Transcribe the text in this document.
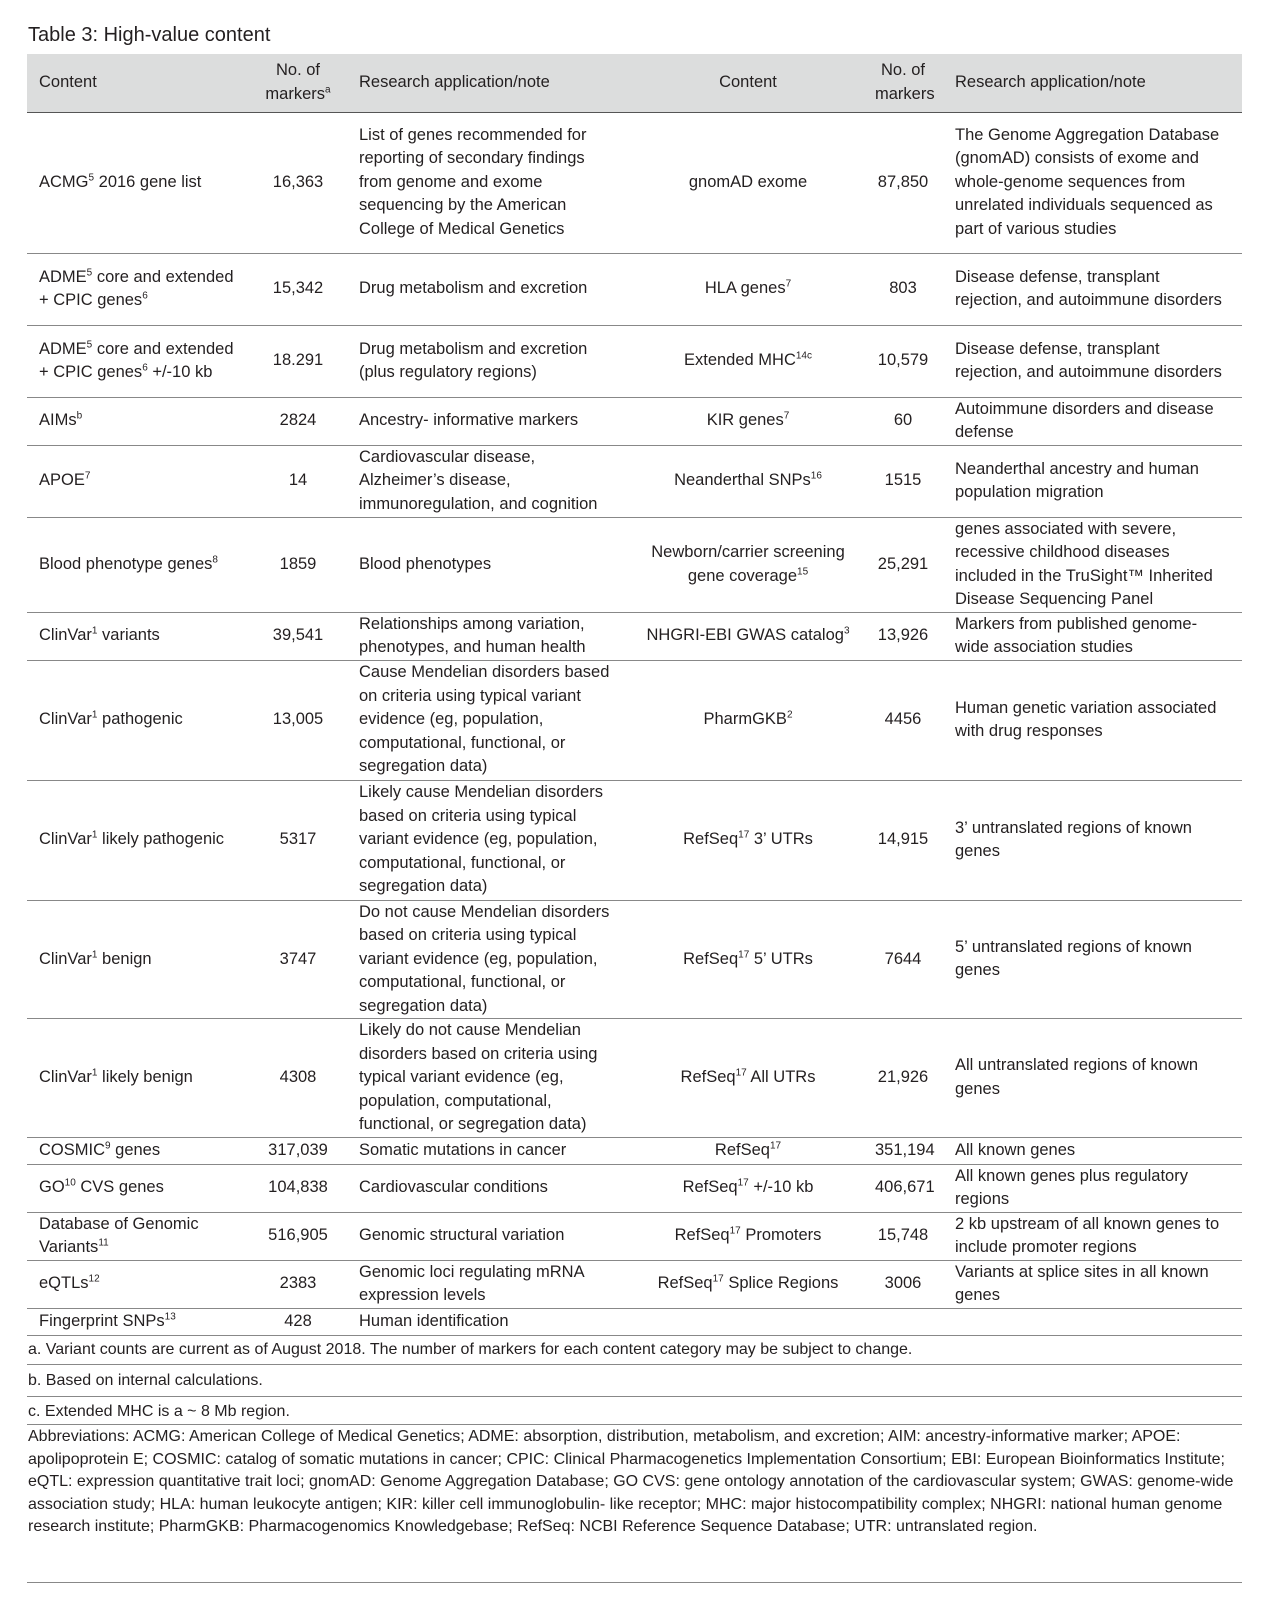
Table 3: High-value content
Content	No. of markers$^a$	Research application/note	Content	No. of markers	Research application/note
ACMG$^5$ 2016 gene list	16,363	List of genes recommended for reporting of secondary findings from genome and exome sequencing by the American College of Medical Genetics	gnomAD exome	87,850	The Genome Aggregation Database (gnomAD) consists of exome and whole-genome sequences from unrelated individuals sequenced as part of various studies
ADME$^5$ core and extended + CPIC genes$^6$	15,342	Drug metabolism and excretion	HLA genes$^7$	803	Disease defense, transplant rejection, and autoimmune disorders
ADME$^5$ core and extended + CPIC genes$^6$ +/-10 kb	18.291	Drug metabolism and excretion (plus regulatory regions)	Extended $MHC^{14c}$	10,579	Disease defense, transplant rejection, and autoimmune disorders
AIMs$^b$	2824	Ancestry- informative markers	KIR genes$^7$	60	Autoimmune disorders and disease defense
APOE$^7$	14	Cardiovascular disease, Alzheimer’s disease, immunoregulation, and cognition	Neanderthal SNPs$^{16}$	1515	Neanderthal ancestry and human population migration
Blood phenotype genes$^8$	1859	Blood phenotypes	Newborn/carrier screening gene coverage$^{15}$	25,291	genes associated with severe, recessive childhood diseases included in the TruSight™ Inherited Disease Sequencing Panel
ClinVar$^1$ variants	39,541	Relationships among variation, phenotypes, and human health	NHGRI-EBI GWAS catalog$^3$	13,926	Markers from published genome-wide association studies
ClinVar$^1$ pathogenic	13,005	Cause Mendelian disorders based on criteria using typical variant evidence (eg, population, computational, functional, or segregation data)	PharmGKB$^2$	4456	Human genetic variation associated with drug responses
ClinVar$^1$ likely pathogenic	5317	Likely cause Mendelian disorders based on criteria using typical variant evidence (eg, population, computational, functional, or segregation data)	RefSeq$^{17}$ 3’ UTRs	14,915	3’ untranslated regions of known genes
ClinVar$^1$ benign	3747	Do not cause Mendelian disorders based on criteria using typical variant evidence (eg, population, computational, functional, or segregation data)	RefSeq$^{17}$ 5’ UTRs	7644	5’ untranslated regions of known genes
ClinVar$^1$ likely benign	4308	Likely do not cause Mendelian disorders based on criteria using typical variant evidence (eg, population, computational, functional, or segregation data)	RefSeq$^{17}$ All UTRs	21,926	All untranslated regions of known genes
COSMIC$^9$ genes	317,039	Somatic mutations in cancer	RefSeq$^{17}$	351,194	All known genes
GO$^{10}$ CVS genes	104,838	Cardiovascular conditions	RefSeq$^{17}$ +/-10 kb	406,671	All known genes plus regulatory regions
Database of Genomic Variants$^{11}$	516,905	Genomic structural variation	RefSeq$^{17}$ Promoters	15,748	2 kb upstream of all known genes to include promoter regions
eQTLs$^{12}$	2383	Genomic loci regulating mRNA expression levels	RefSeq$^{17}$ Splice Regions	3006	Variants at splice sites in all known genes
Fingerprint SNPs$^{13}$	428	Human identification			
a. Variant counts are current as of August 2018. The number of markers for each content category may be subject to change.
b. Based on internal calculations.
c. Extended MHC is a ~ 8 Mb region.
Abbreviations: ACMG: American College of Medical Genetics; ADME: absorption, distribution, metabolism, and excretion; AIM: ancestry-informative marker; APOE: apolipoprotein E; COSMIC: catalog of somatic mutations in cancer; CPIC: Clinical Pharmacogenetics Implementation Consortium; EBI: European Bioinformatics Institute; eQTL: expression quantitative trait loci; gnomAD: Genome Aggregation Database; GO CVS: gene ontology annotation of the cardiovascular system; GWAS: genome-wide association study; HLA: human leukocyte antigen; KIR: killer cell immunoglobulin- like receptor; MHC: major histocompatibility complex; NHGRI: national human genome research institute; PharmGKB: Pharmacogenomics Knowledgebase; RefSeq: NCBI Reference Sequence Database; UTR: untranslated region.
